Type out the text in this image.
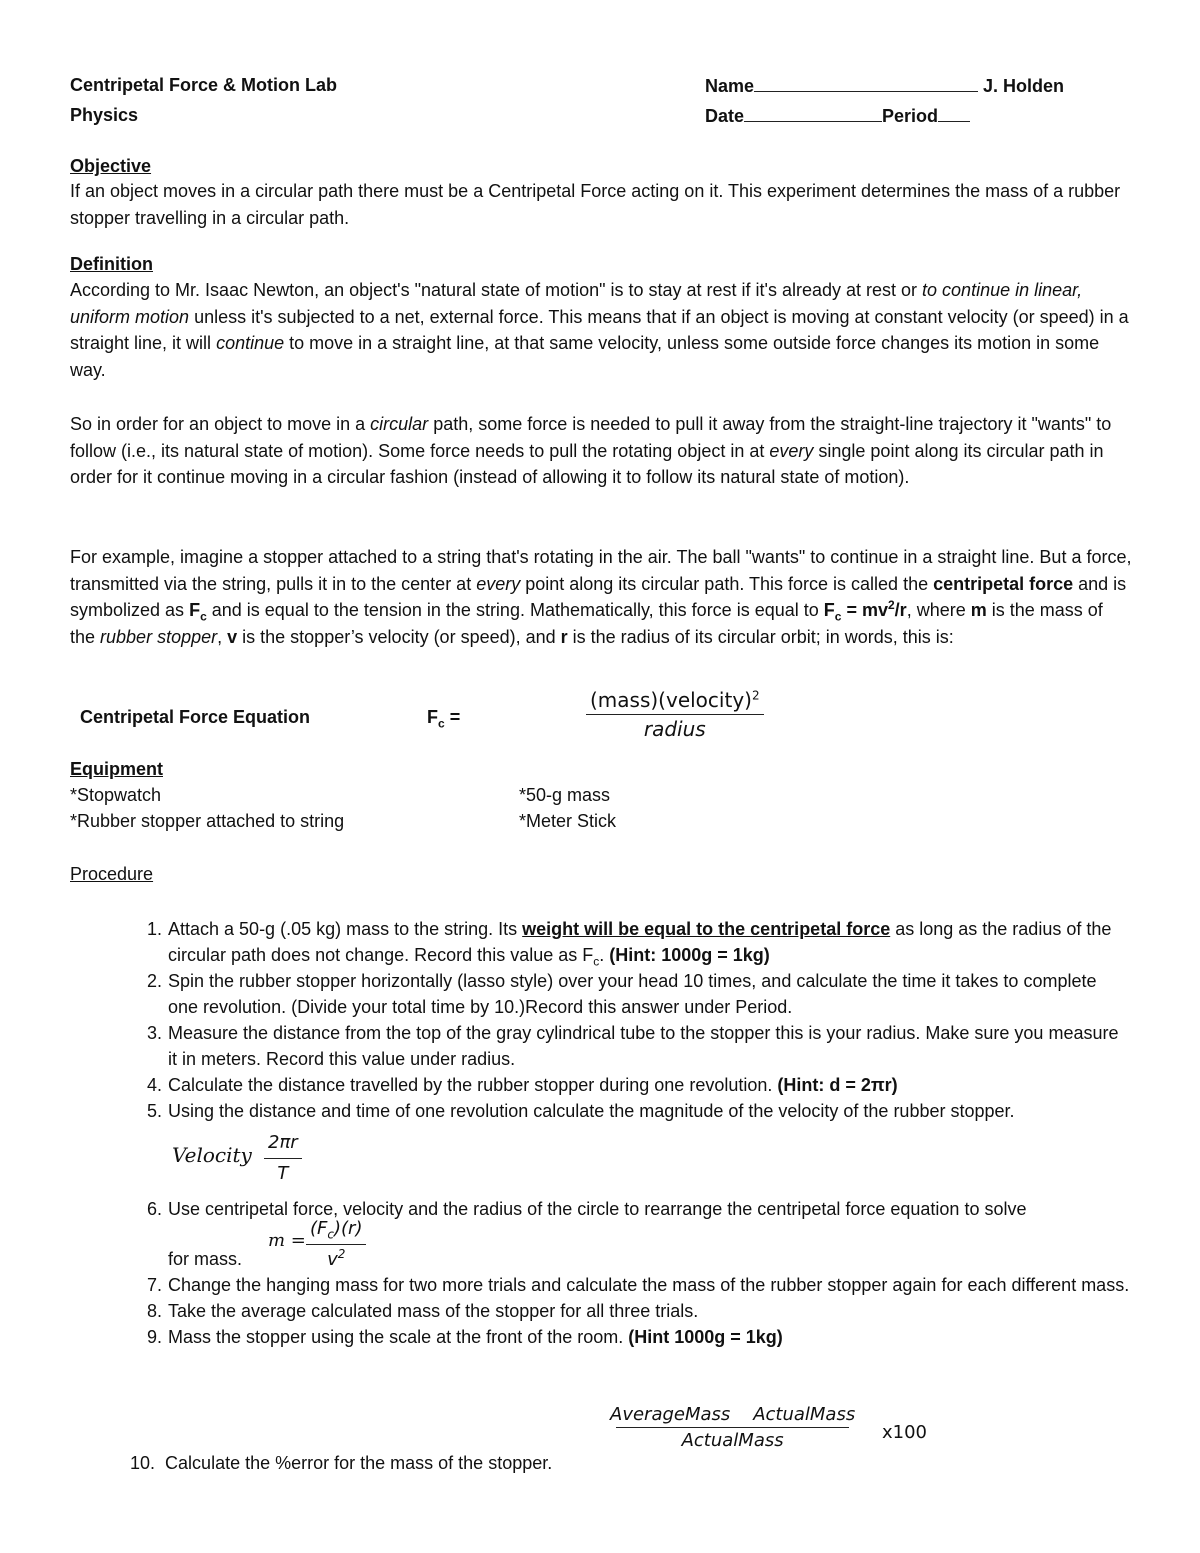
Centripetal Force & Motion Lab
Physics
Name	J. Holden
Date	Period
Objective

If an object moves in a circular path there must be a Centripetal Force acting on it. This experiment determines the mass of a rubber stopper travelling in a circular path.

Definition

According to Mr. Isaac Newton, an object's "natural state of motion" is to stay at rest if it's already at rest or to continue in linear, uniform motion unless it's subjected to a net, external force. This means that if an object is moving at constant velocity (or speed) in a straight line, it will continue to move in a straight line, at that same velocity, unless some outside force changes its motion in some way.

So in order for an object to move in a circular path, some force is needed to pull it away from the straight-line trajectory it "wants" to follow (i.e., its natural state of motion). Some force needs to pull the rotating object in at every single point along its circular path in order for it continue moving in a circular fashion (instead of allowing it to follow its natural state of motion).

For example, imagine a stopper attached to a string that's rotating in the air. The ball "wants" to continue in a straight line. But a force, transmitted via the string, pulls it in to the center at every point along its circular path. This force is called the centripetal force and is symbolized as $F_c$ and is equal to the tension in the string. Mathematically, this force is equal to $F_c = mv^2/r$, where m is the mass of the rubber stopper, v is the stopper’s velocity (or speed), and r is the radius of its circular orbit; in words, this is:

Centripetal Force Equation	$F_c$ =
(mass)(velocity)$^2$
radius
Equipment
*Stopwatch
*Rubber stopper attached to string
*50-g mass
*Meter Stick
Procedure
1. Attach a 50-g (.05 kg) mass to the string. Its weight will be equal to the centripetal force as long as the radius of the circular path does not change. Record this value as $F_c$. (Hint: 1000g = 1kg)
2. Spin the rubber stopper horizontally (lasso style) over your head 10 times, and calculate the time it takes to complete one revolution. (Divide your total time by 10.)Record this answer under Period.
3. Measure the distance from the top of the gray cylindrical tube to the stopper this is your radius. Make sure you measure it in meters. Record this value under radius.
4. Calculate the distance travelled by the rubber stopper during one revolution. (Hint: d = 2πr)
5. Using the distance and time of one revolution calculate the magnitude of the velocity of the rubber stopper.
Velocity $\frac{2\pi r}{T}$
6. Use centripetal force, velocity and the radius of the circle to rearrange the centripetal force equation to solve
for mass.
$m = \frac{(F_c)(r)}{v^2}$
7. Change the hanging mass for two more trials and calculate the mass of the rubber stopper again for each different mass.
8. Take the average calculated mass of the stopper for all three trials.
9. Mass the stopper using the scale at the front of the room. (Hint 1000g = 1kg)
AverageMass ActualMass
ActualMass	x100
10. Calculate the %error for the mass of the stopper.
